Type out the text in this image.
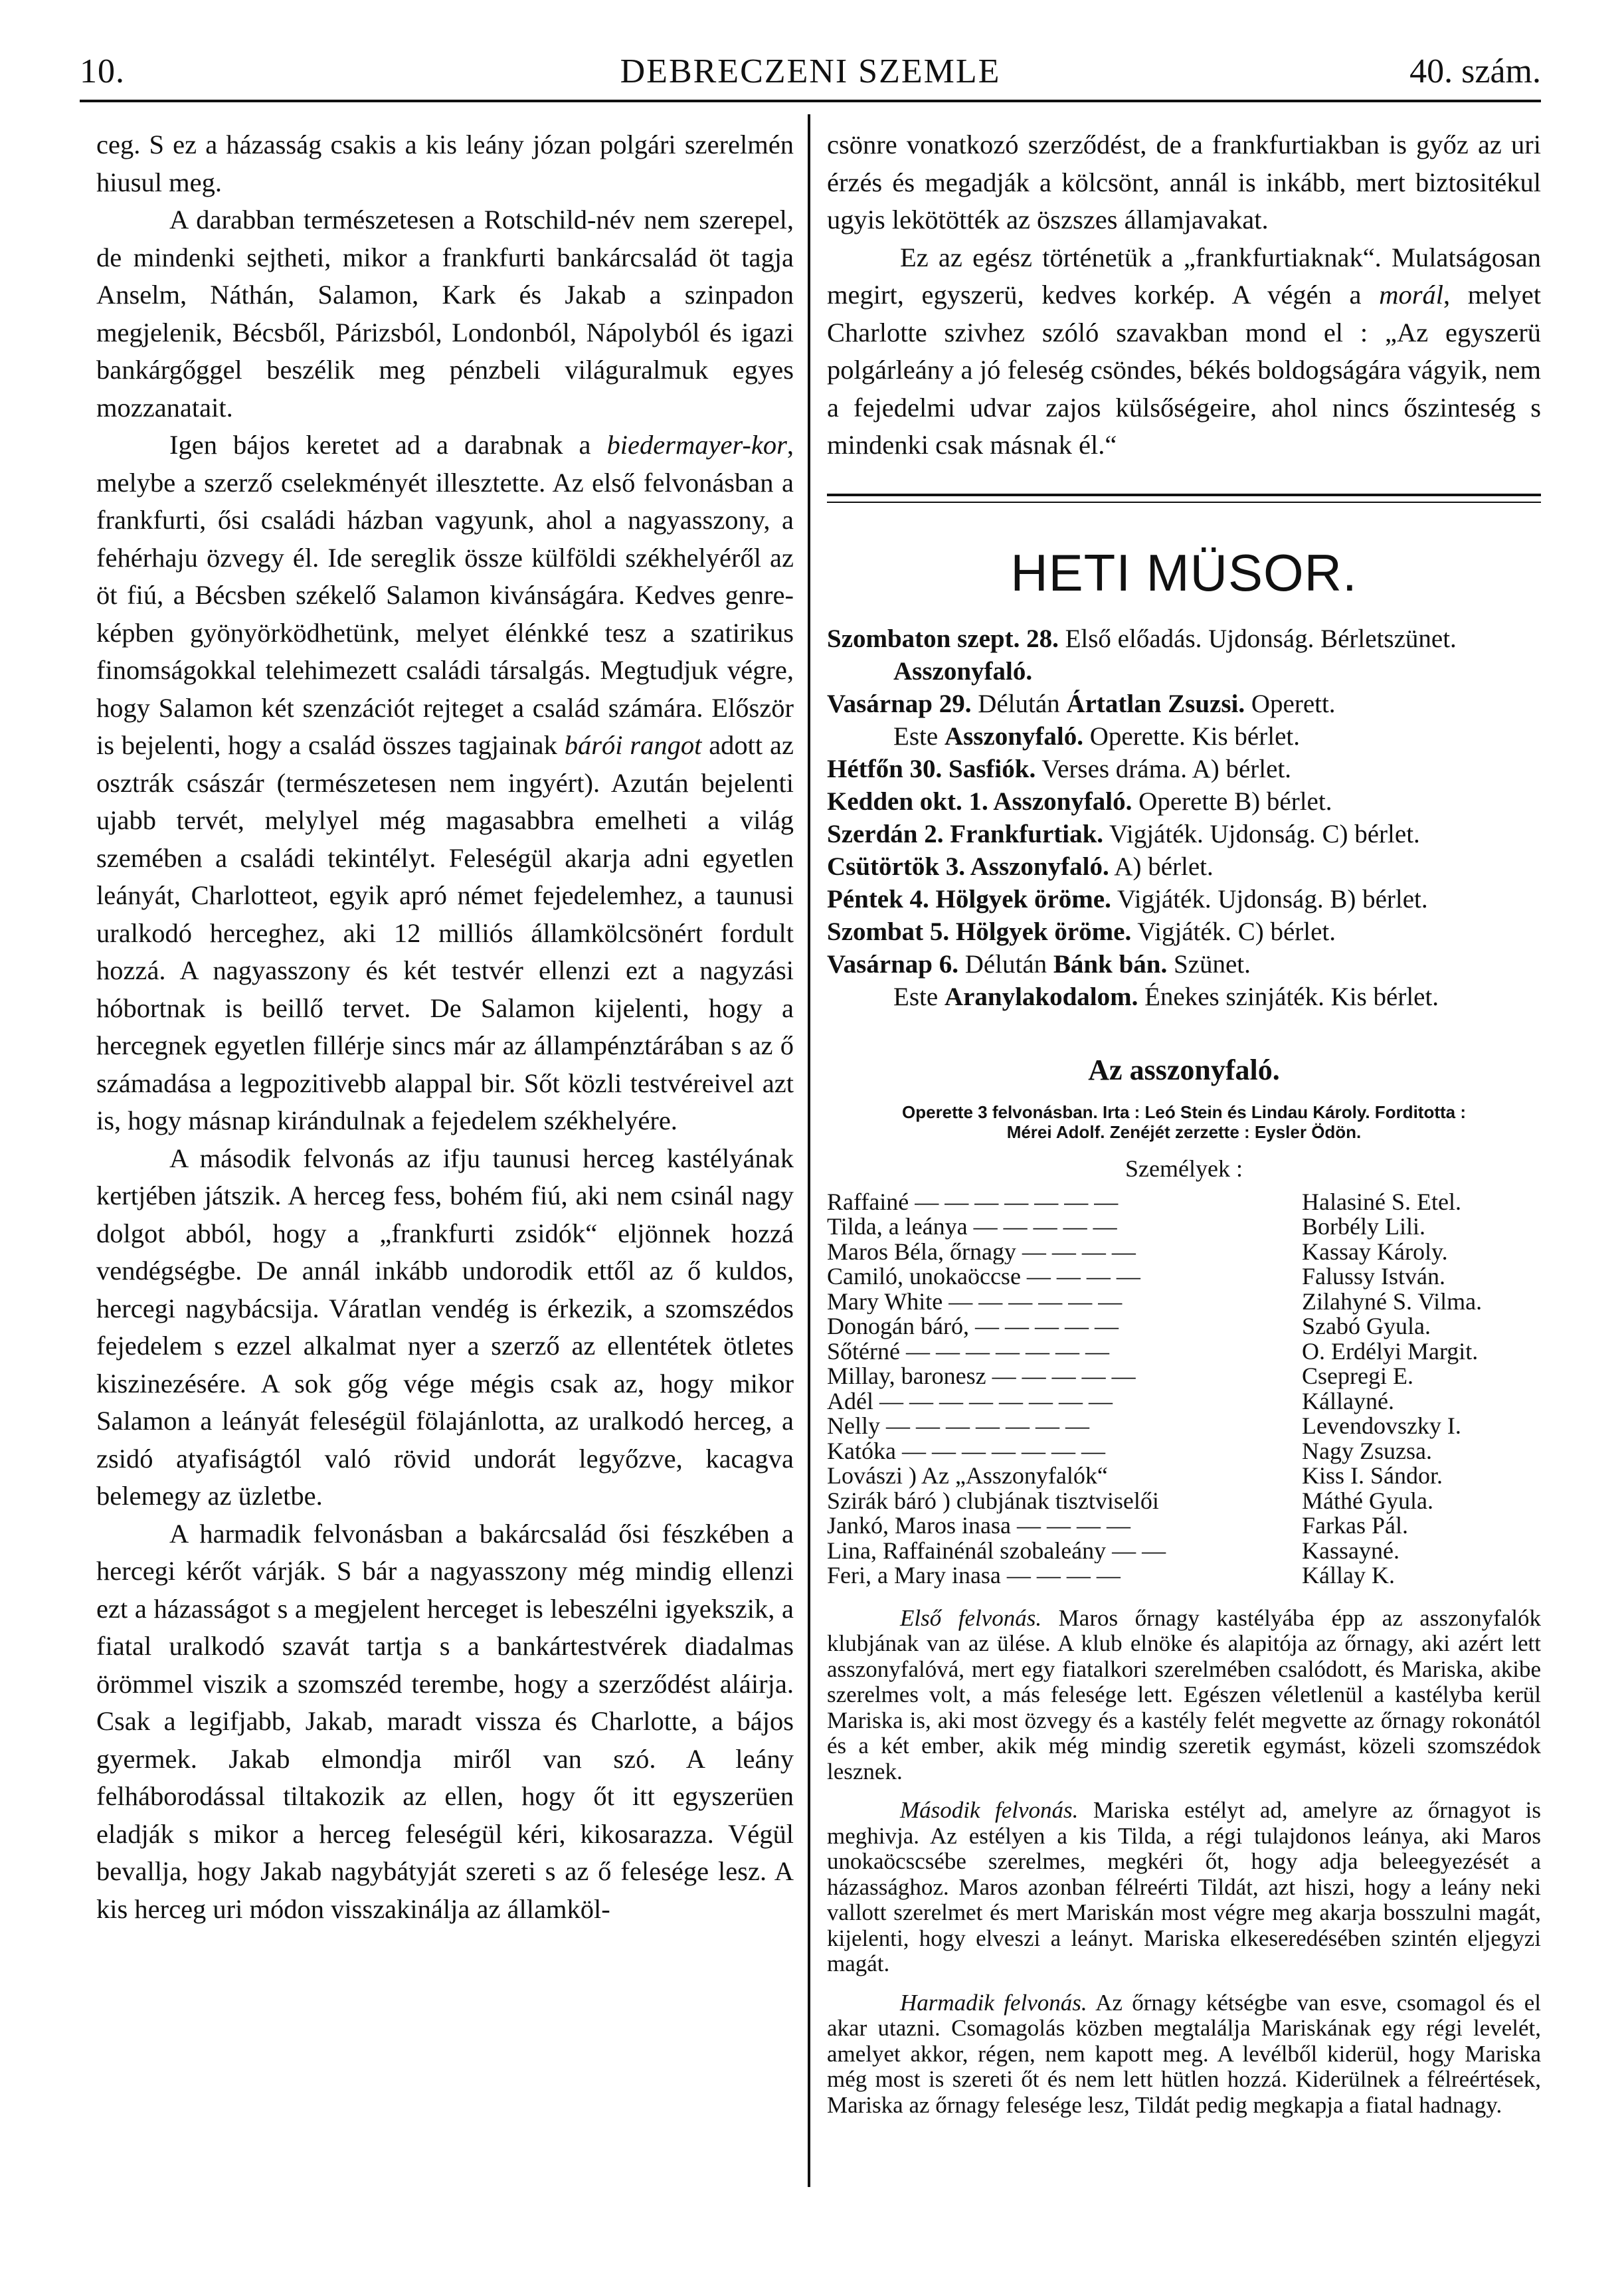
10.	DEBRECZENI SZEMLE	40. szám.

ceg. S ez a házasság csakis a kis leány józan polgári szerelmén hiusul meg.

A darabban természetesen a Rotschild-név nem szerepel, de mindenki sejtheti, mikor a frankfurti bankárcsalád öt tagja Anselm, Náthán, Salamon, Kark és Jakab a szinpadon megjelenik, Bécsből, Párizsból, Londonból, Nápolyból és igazi bankárgőggel beszélik meg pénzbeli világuralmuk egyes mozzanatait.

Igen bájos keretet ad a darabnak a biedermayer-kor, melybe a szerző cselekményét illesztette. Az első felvonásban a frankfurti, ősi családi házban vagyunk, ahol a nagyasszony, a fehérhaju özvegy él. Ide sereglik össze külföldi székhelyéről az öt fiú, a Bécsben székelő Salamon kivánságára. Kedves genre-képben gyönyörködhetünk, melyet élénkké tesz a szatirikus finomságokkal telehimezett családi társalgás. Megtudjuk végre, hogy Salamon két szenzációt rejteget a család számára. Először is bejelenti, hogy a család összes tagjainak bárói rangot adott az osztrák császár (természetesen nem ingyért). Azután bejelenti ujabb tervét, melylyel még magasabbra emelheti a világ szemében a családi tekintélyt. Feleségül akarja adni egyetlen leányát, Charlotteot, egyik apró német fejedelemhez, a taunusi uralkodó herceghez, aki 12 milliós államkölcsönért fordult hozzá. A nagyasszony és két testvér ellenzi ezt a nagyzási hóbortnak is beillő tervet. De Salamon kijelenti, hogy a hercegnek egyetlen fillérje sincs már az állampénztárában s az ő számadása a legpozitivebb alappal bir. Sőt közli testvéreivel azt is, hogy másnap kirándulnak a fejedelem székhelyére.

A második felvonás az ifju taunusi herceg kastélyának kertjében játszik. A herceg fess, bohém fiú, aki nem csinál nagy dolgot abból, hogy a „frankfurti zsidók“ eljönnek hozzá vendégségbe. De annál inkább undorodik ettől az ő kuldos, hercegi nagybácsija. Váratlan vendég is érkezik, a szomszédos fejedelem s ezzel alkalmat nyer a szerző az ellentétek ötletes kiszinezésére. A sok gőg vége mégis csak az, hogy mikor Salamon a leányát feleségül fölajánlotta, az uralkodó herceg, a zsidó atyafiságtól való rövid undorát legyőzve, kacagva belemegy az üzletbe.

A harmadik felvonásban a bakárcsalád ősi fészkében a hercegi kérőt várják. S bár a nagyasszony még mindig ellenzi ezt a házasságot s a megjelent herceget is lebeszélni igyekszik, a fiatal uralkodó szavát tartja s a bankártestvérek diadalmas örömmel viszik a szomszéd terembe, hogy a szerződést aláirja. Csak a legifjabb, Jakab, maradt vissza és Charlotte, a bájos gyermek. Jakab elmondja miről van szó. A leány felháborodással tiltakozik az ellen, hogy őt itt egyszerüen eladják s mikor a herceg feleségül kéri, kikosarazza. Végül bevallja, hogy Jakab nagybátyját szereti s az ő felesége lesz. A kis herceg uri módon visszakinálja az államköl-

csönre vonatkozó szerződést, de a frankfurtiakban is győz az uri érzés és megadják a kölcsönt, annál is inkább, mert biztositékul ugyis lekötötték az öszszes államjavakat.

Ez az egész történetük a „frankfurtiaknak“. Mulatságosan megirt, egyszerü, kedves korkép. A végén a morál, melyet Charlotte szivhez szóló szavakban mond el : „Az egyszerü polgárleány a jó feleség csöndes, békés boldogságára vágyik, nem a fejedelmi udvar zajos külsőségeire, ahol nincs őszinteség s mindenki csak másnak él.“

HETI MÜSOR.
Szombaton szept. 28. Első előadás. Ujdonság. Bérletszünet. Asszonyfaló.
Vasárnap 29. Délután Ártatlan Zsuzsi. Operett.
Este Asszonyfaló. Operette. Kis bérlet.
Hétfőn 30. Sasfiók. Verses dráma. A) bérlet.
Kedden okt. 1. Asszonyfaló. Operette B) bérlet.
Szerdán 2. Frankfurtiak. Vigjáték. Ujdonság. C) bérlet.
Csütörtök 3. Asszonyfaló. A) bérlet.
Péntek 4. Hölgyek öröme. Vigjáték. Ujdonság. B) bérlet.
Szombat 5. Hölgyek öröme. Vigjáték. C) bérlet.
Vasárnap 6. Délután Bánk bán. Szünet.
Este Aranylakodalom. Énekes szinjáték. Kis bérlet.
Az asszonyfaló.
Operette 3 felvonásban. Irta : Leó Stein és Lindau Károly. Forditotta :
Mérei Adolf. Zenéjét zerzette : Eysler Ödön.
Személyek :
Raffainé — — — — — — —	Halasiné S. Etel.
Tilda, a leánya — — — — —	Borbély Lili.
Maros Béla, őrnagy — — — —	Kassay Károly.
Camiló, unokaöccse — — — —	Falussy István.
Mary White — — — — — —	Zilahyné S. Vilma.
Donogán báró, — — — — —	Szabó Gyula.
Sőtérné — — — — — — —	O. Erdélyi Margit.
Millay, baronesz — — — — —	Csepregi E.
Adél — — — — — — — —	Kállayné.
Nelly — — — — — — —	Levendovszky I.
Katóka — — — — — — —	Nagy Zsuzsa.
Lovászi ) Az „Asszonyfalók“	Kiss I. Sándor.
Szirák báró ) clubjának tisztviselői	Máthé Gyula.
Jankó, Maros inasa — — — —	Farkas Pál.
Lina, Raffainénál szobaleány — —	Kassayné.
Feri, a Mary inasa — — — —	Kállay K.

Első felvonás. Maros őrnagy kastélyába épp az asszonyfalók klubjának van az ülése. A klub elnöke és alapitója az őrnagy, aki azért lett asszonyfalóvá, mert egy fiatalkori szerelmében csalódott, és Mariska, akibe szerelmes volt, a más felesége lett. Egészen véletlenül a kastélyba kerül Mariska is, aki most özvegy és a kastély felét megvette az őrnagy rokonától és a két ember, akik még mindig szeretik egymást, közeli szomszédok lesznek.

Második felvonás. Mariska estélyt ad, amelyre az őrnagyot is meghivja. Az estélyen a kis Tilda, a régi tulajdonos leánya, aki Maros unokaöcscsébe szerelmes, megkéri őt, hogy adja beleegyezését a házassághoz. Maros azonban félreérti Tildát, azt hiszi, hogy a leány neki vallott szerelmet és mert Mariskán most végre meg akarja bosszulni magát, kijelenti, hogy elveszi a leányt. Mariska elkeseredésében szintén eljegyzi magát.

Harmadik felvonás. Az őrnagy kétségbe van esve, csomagol és el akar utazni. Csomagolás közben megtalálja Mariskának egy régi levelét, amelyet akkor, régen, nem kapott meg. A levélből kiderül, hogy Mariska még most is szereti őt és nem lett hütlen hozzá. Kiderülnek a félreértések, Mariska az őrnagy felesége lesz, Tildát pedig megkapja a fiatal hadnagy.
